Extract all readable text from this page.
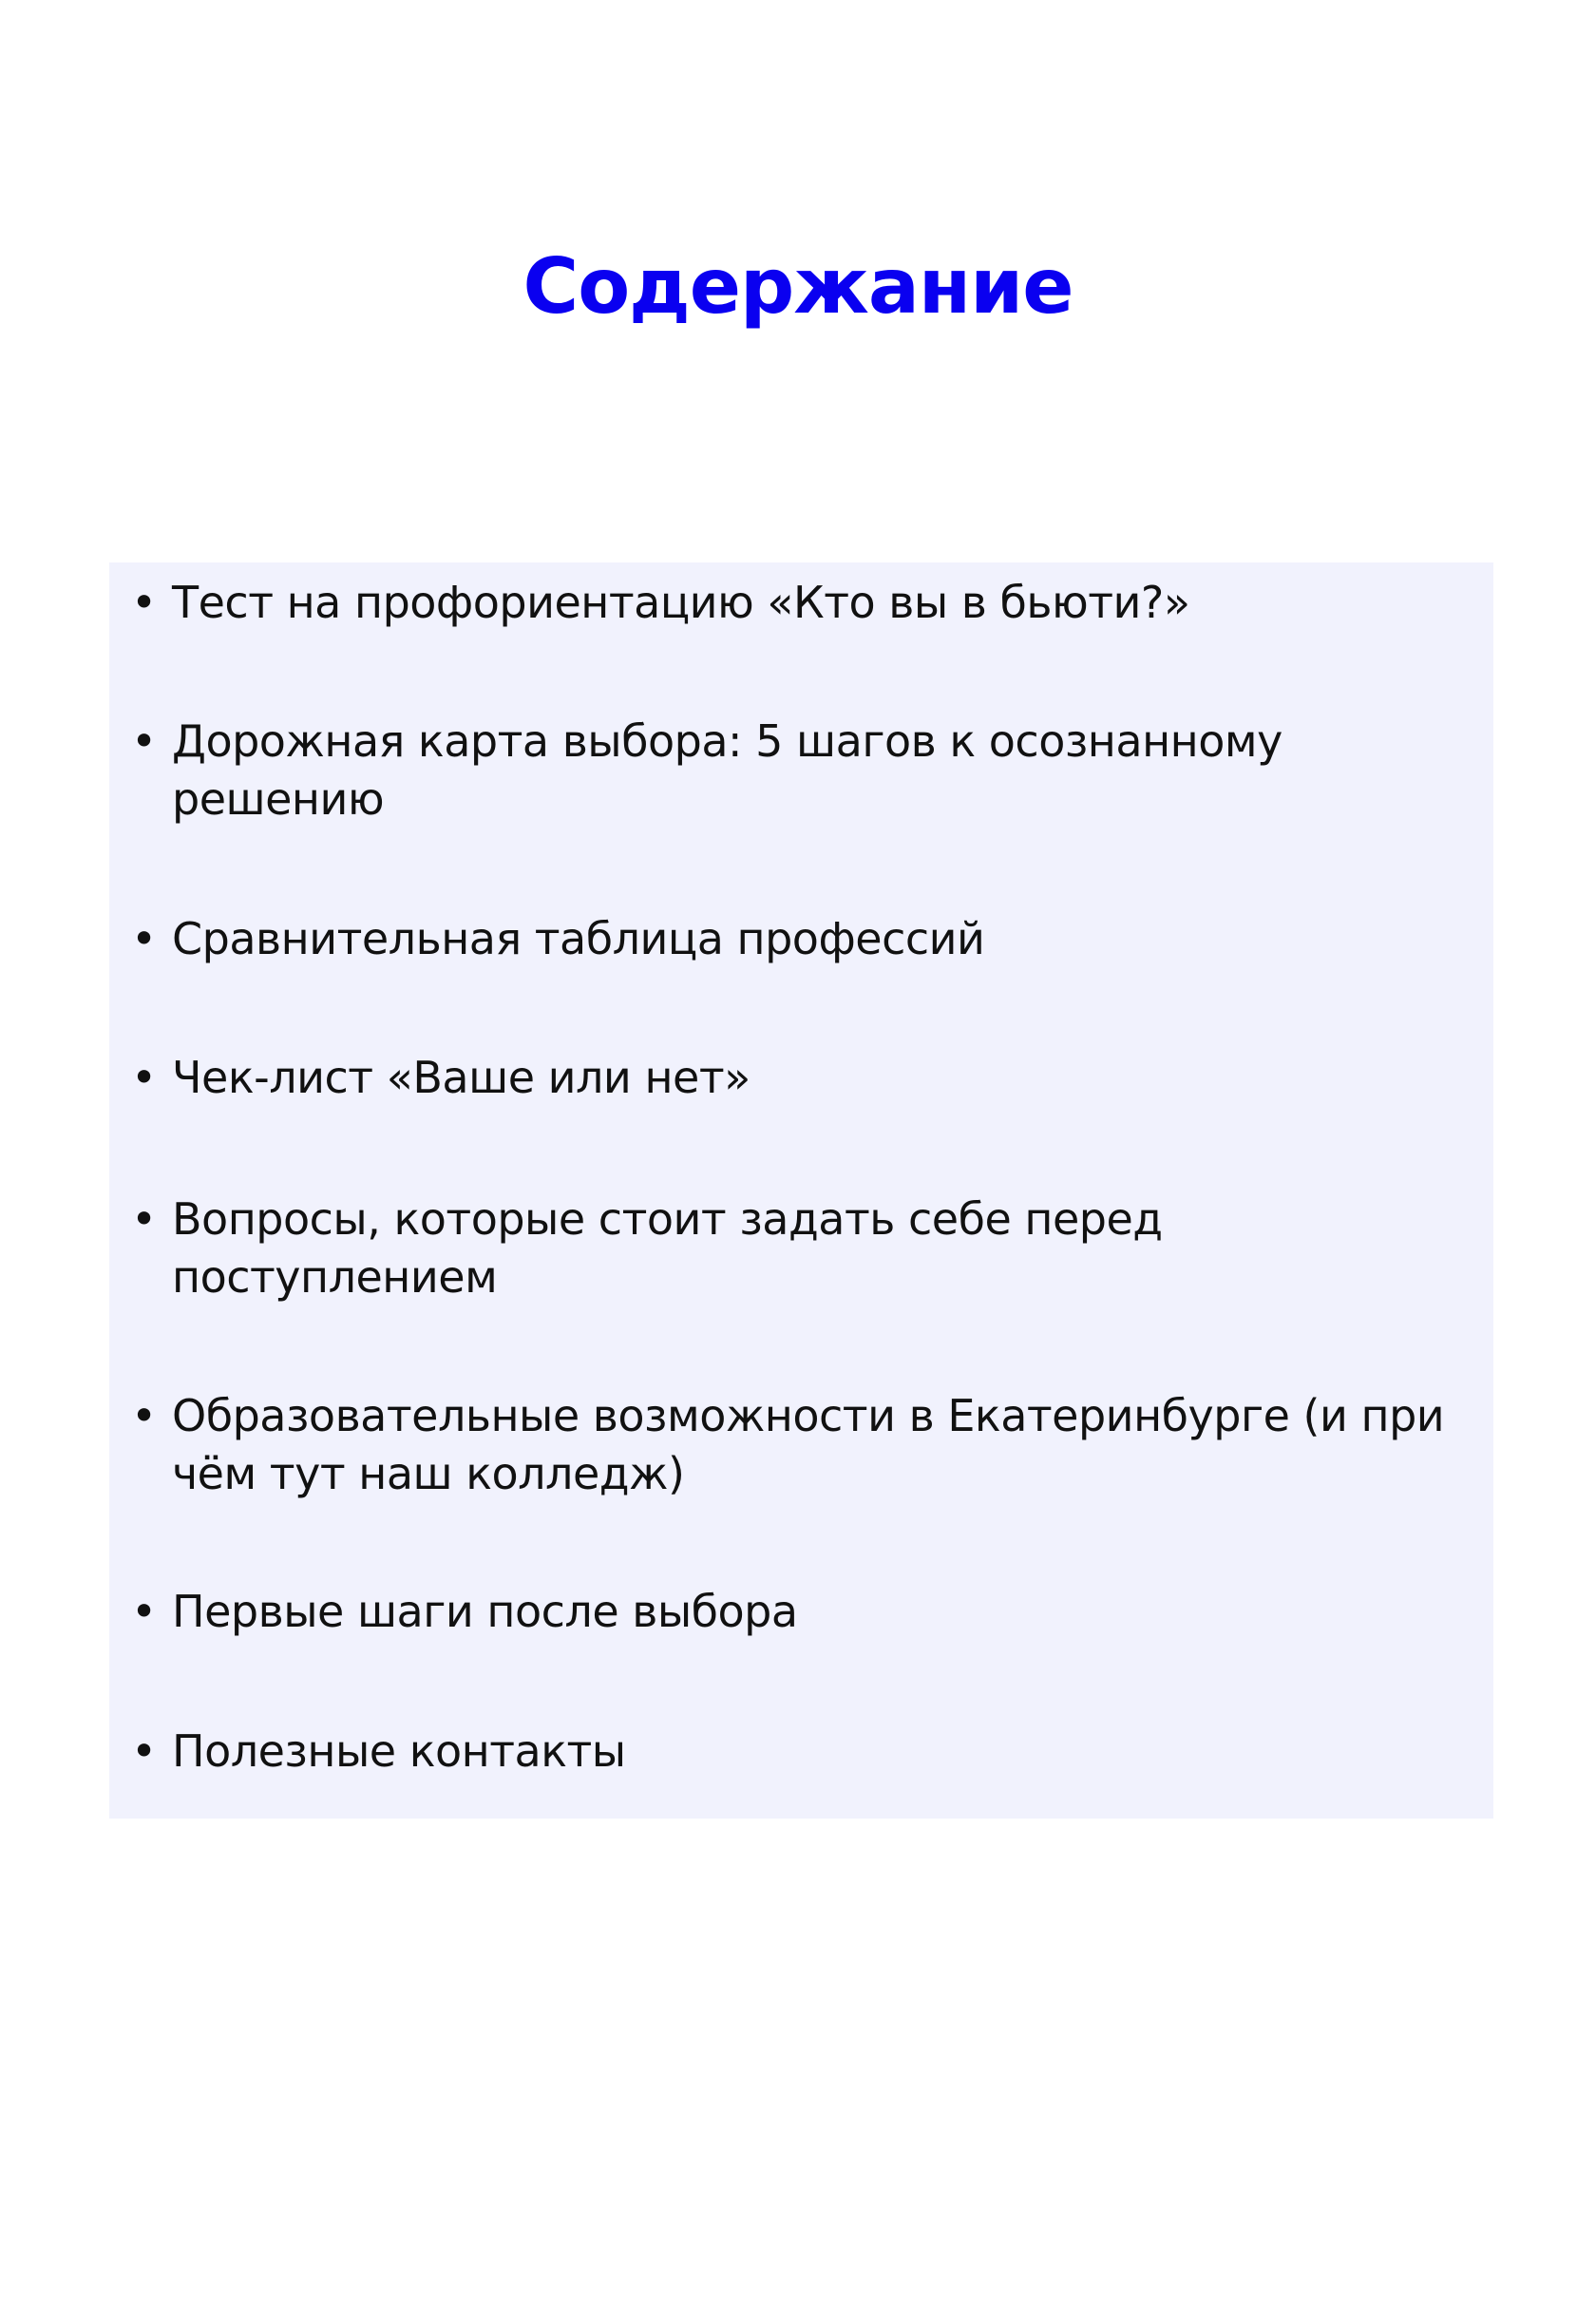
Содержание
• Тест на профориентацию «Кто вы в бьюти?»
• Дорожная карта выбора: 5 шагов к осознанному решению
• Сравнительная таблица профессий
• Чек-лист «Ваше или нет»
• Вопросы, которые стоит задать себе перед поступлением
• Образовательные возможности в Екатеринбурге (и при чём тут наш колледж)
• Первые шаги после выбора
• Полезные контакты
